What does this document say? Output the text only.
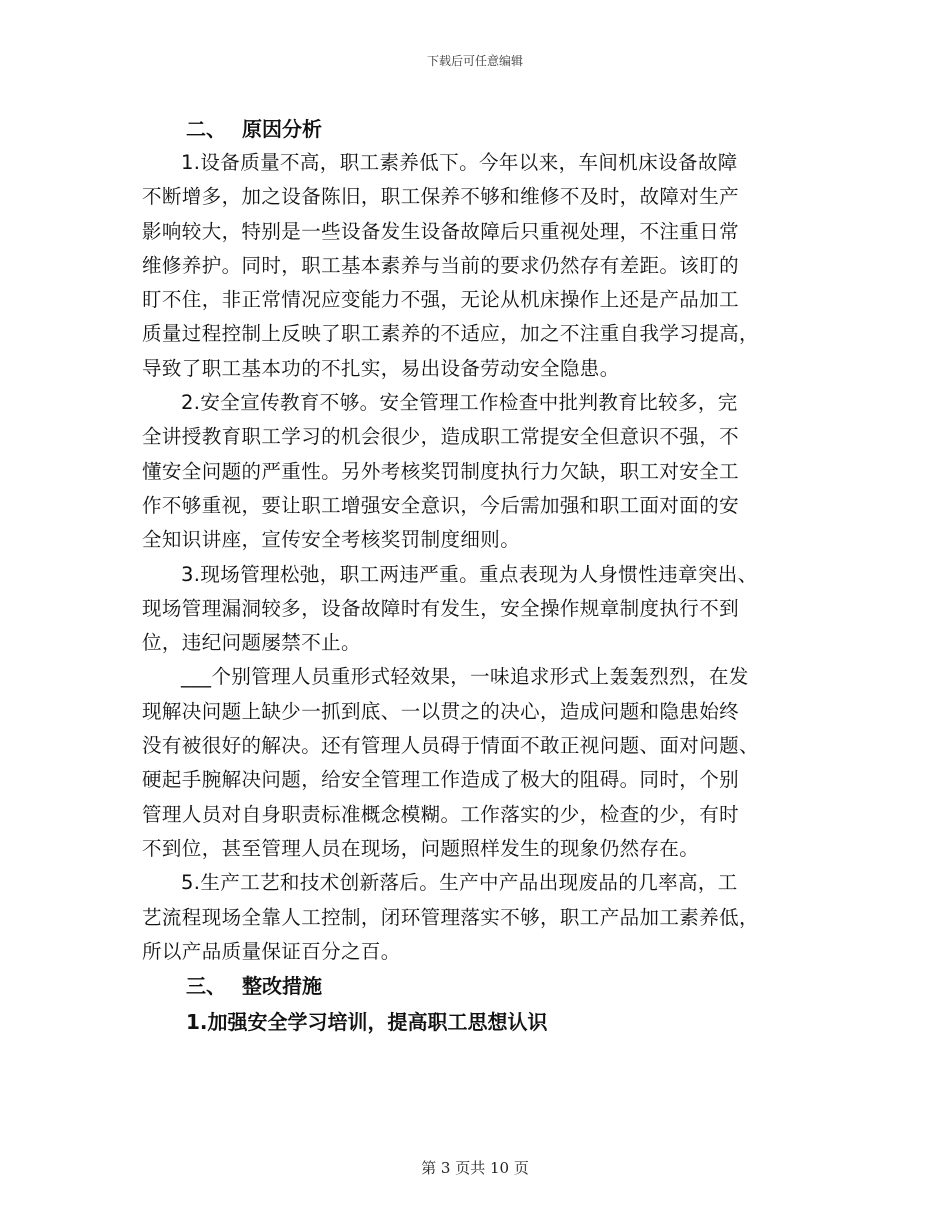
下载后可任意编辑
二、 原因分析
1.设备质量不高，职工素养低下。今年以来，车间机床设备故障
不断增多，加之设备陈旧，职工保养不够和维修不及时，故障对生产
影响较大，特别是一些设备发生设备故障后只重视处理，不注重日常
维修养护。同时，职工基本素养与当前的要求仍然存有差距。该盯的
盯不住，非正常情况应变能力不强，无论从机床操作上还是产品加工
质量过程控制上反映了职工素养的不适应，加之不注重自我学习提高，
导致了职工基本功的不扎实，易出设备劳动安全隐患。
2.安全宣传教育不够。安全管理工作检查中批判教育比较多，完
全讲授教育职工学习的机会很少，造成职工常提安全但意识不强，不
懂安全问题的严重性。另外考核奖罚制度执行力欠缺，职工对安全工
作不够重视，要让职工增强安全意识，今后需加强和职工面对面的安
全知识讲座，宣传安全考核奖罚制度细则。
3.现场管理松弛，职工两违严重。重点表现为人身惯性违章突出、
现场管理漏洞较多，设备故障时有发生，安全操作规章制度执行不到
位，违纪问题屡禁不止。
___个别管理人员重形式轻效果，一味追求形式上轰轰烈烈，在发
现解决问题上缺少一抓到底、一以贯之的决心，造成问题和隐患始终
没有被很好的解决。还有管理人员碍于情面不敢正视问题、面对问题、
硬起手腕解决问题，给安全管理工作造成了极大的阻碍。同时，个别
管理人员对自身职责标准概念模糊。工作落实的少，检查的少，有时
不到位，甚至管理人员在现场，问题照样发生的现象仍然存在。
5.生产工艺和技术创新落后。生产中产品出现废品的几率高，工
艺流程现场全靠人工控制，闭环管理落实不够，职工产品加工素养低，
所以产品质量保证百分之百。
三、 整改措施
1.加强安全学习培训，提高职工思想认识
第 3 页共 10 页
